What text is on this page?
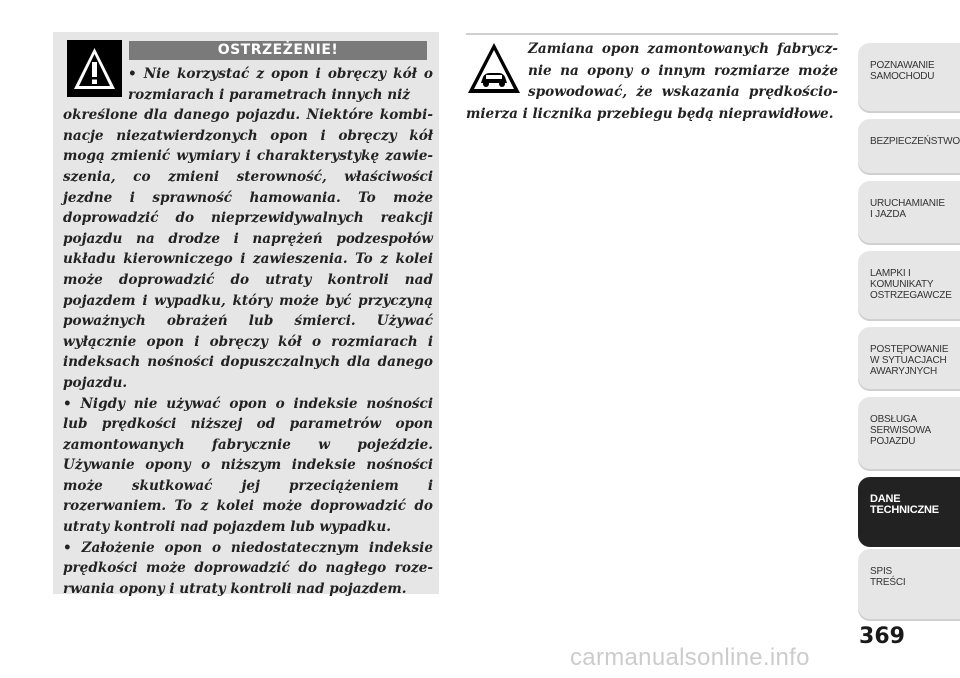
OSTRZEŻENIE!

• Nie korzystać z opon i obręczy kół o rozmiarach i parametrach innych niż

określone dla danego pojazdu. Niektóre kombinacje niezatwierdzonych opon i obręczy kół mogą zmienić wymiary i charakterystykę zawieszenia, co zmieni sterowność, właściwości jezdne i sprawność hamowania. To może doprowadzić do nieprzewidywalnych reakcji pojazdu na drodze i naprężeń podzespołów układu kierowniczego i zawieszenia. To z kolei może doprowadzić do utraty kontroli nad pojazdem i wypadku, który może być przyczyną poważnych obrażeń lub śmierci. Używać wyłącznie opon i obręczy kół o rozmiarach i indeksach nośności dopuszczalnych dla danego pojazdu.

• Nigdy nie używać opon o indeksie nośności lub prędkości niższej od parametrów opon zamontowanych fabrycznie w pojeździe. Używanie opony o niższym indeksie nośności może skutkować jej przeciążeniem i rozerwaniem. To z kolei może doprowadzić do utraty kontroli nad pojazdem lub wypadku.

• Założenie opon o niedostatecznym indeksie prędkości może doprowadzić do nagłego rozerwania opony i utraty kontroli nad pojazdem.

Zamiana opon zamontowanych fabrycznie na opony o innym rozmiarze może spowodować, że wskazania prędkościomierza i licznika przebiegu będą nieprawidłowe.
POZNAWANIE
SAMOCHODU
BEZPIECZEŃSTWO
URUCHAMIANIE
I JAZDA
LAMPKI I
KOMUNIKATY
OSTRZEGAWCZE
POSTĘPOWANIE
W SYTUACJACH
AWARYJNYCH
OBSŁUGA
SERWISOWA
POJAZDU
DANE
TECHNICZNE
SPIS
TREŚCI
369
carmanualsonline.info
